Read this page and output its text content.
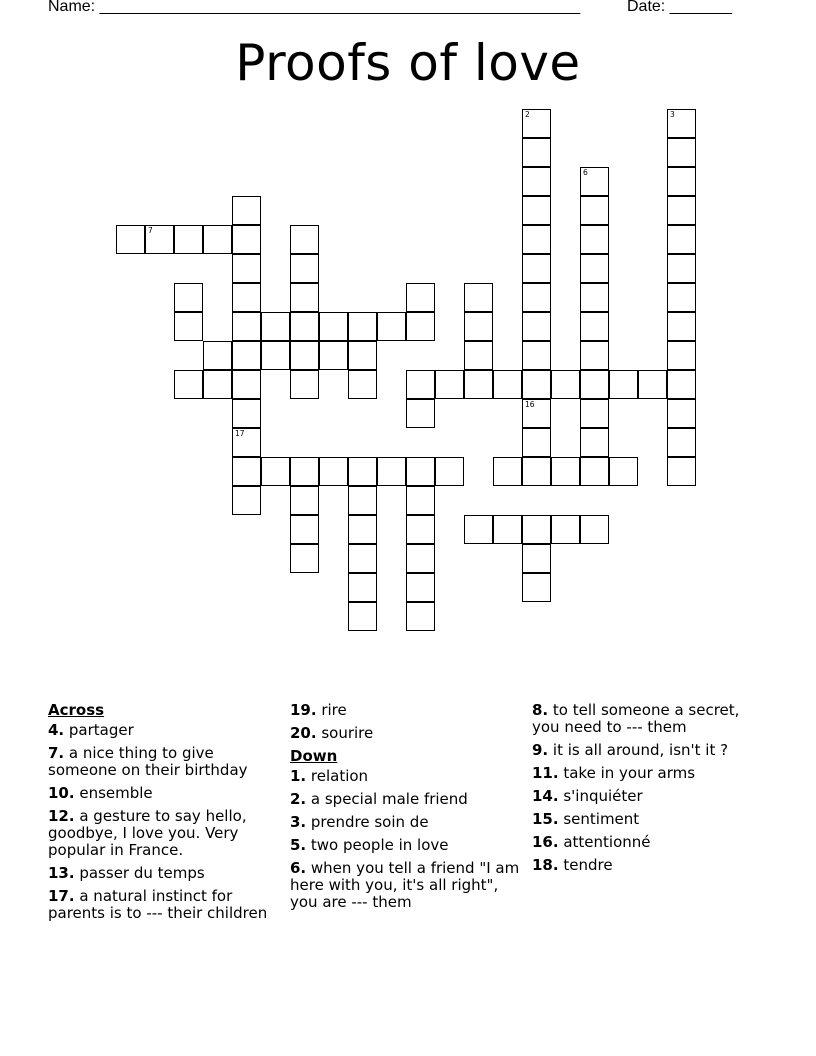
Name: ______________________________________________________	Date: _______
Proofs of love
17
7
2
16
6
3
Across
4. partager
7. a nice thing to give someone on their birthday
10. ensemble
12. a gesture to say hello, goodbye, I love you. Very popular in France.
13. passer du temps
17. a natural instinct for parents is to --- their children
19. rire
20. sourire
Down
1. relation
2. a special male friend
3. prendre soin de
5. two people in love
6. when you tell a friend "I am here with you, it's all right", you are --- them
8. to tell someone a secret, you need to --- them
9. it is all around, isn't it ?
11. take in your arms
14. s'inquiéter
15. sentiment
16. attentionné
18. tendre
